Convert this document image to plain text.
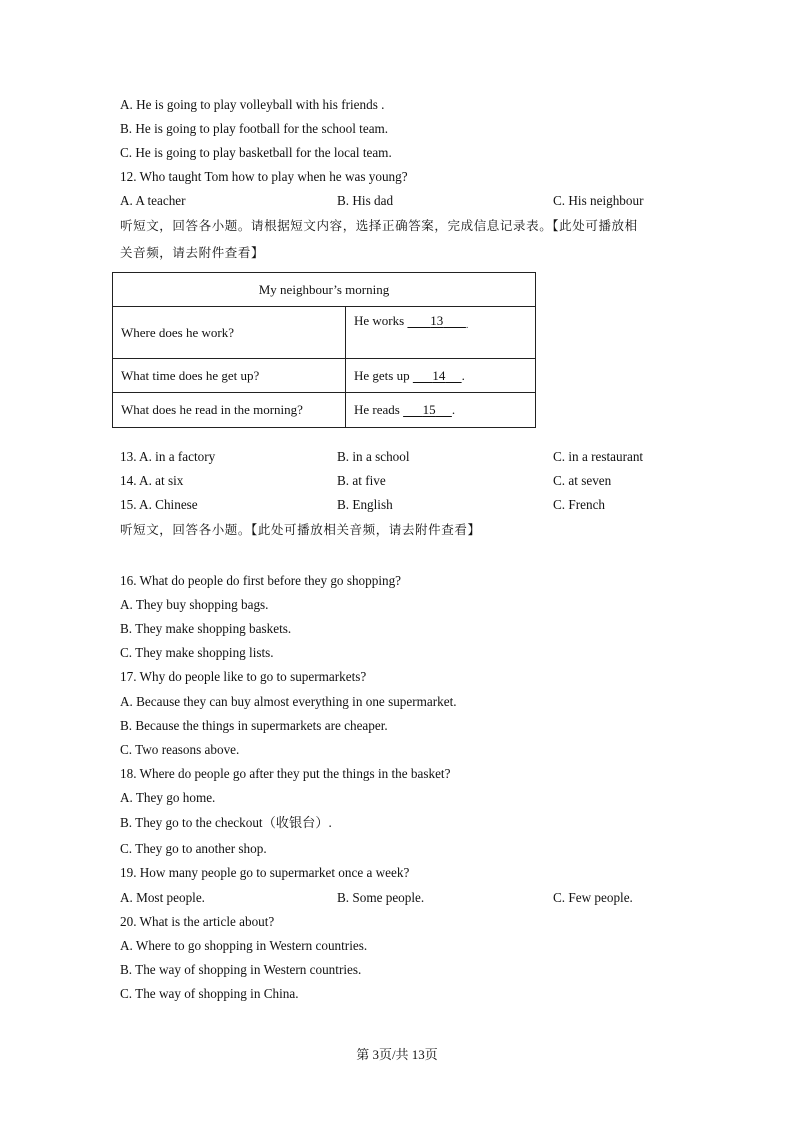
A. He is going to play volleyball with his friends .
B. He is going to play football for the school team.
C. He is going to play basketball for the local team.
12. Who taught Tom how to play when he was young?
A. A teacher	B. His dad	C. His neighbour
听短文，回答各小题。请根据短文内容，选择正确答案，完成信息记录表。【此处可播放相
关音频，请去附件查看】
My neighbour’s morning	
Where does he work?	He works 13 $_.$
What time does he get up?	He gets up 14 .
What does he read in the morning?	He reads 15 .
13. A. in a factory	B. in a school	C. in a restaurant
14. A. at six	B. at five	C. at seven
15. A. Chinese	B. English	C. French
听短文，回答各小题。【此处可播放相关音频，请去附件查看】
16. What do people do first before they go shopping?
A. They buy shopping bags.
B. They make shopping baskets.
C. They make shopping lists.
17. Why do people like to go to supermarkets?
A. Because they can buy almost everything in one supermarket.
B. Because the things in supermarkets are cheaper.
C. Two reasons above.
18. Where do people go after they put the things in the basket?
A. They go home.
B. They go to the checkout（收银台）.
C. They go to another shop.
19. How many people go to supermarket once a week?
A. Most people.	B. Some people.	C. Few people.
20. What is the article about?
A. Where to go shopping in Western countries.
B. The way of shopping in Western countries.
C. The way of shopping in China.
第 3页/共 13页
